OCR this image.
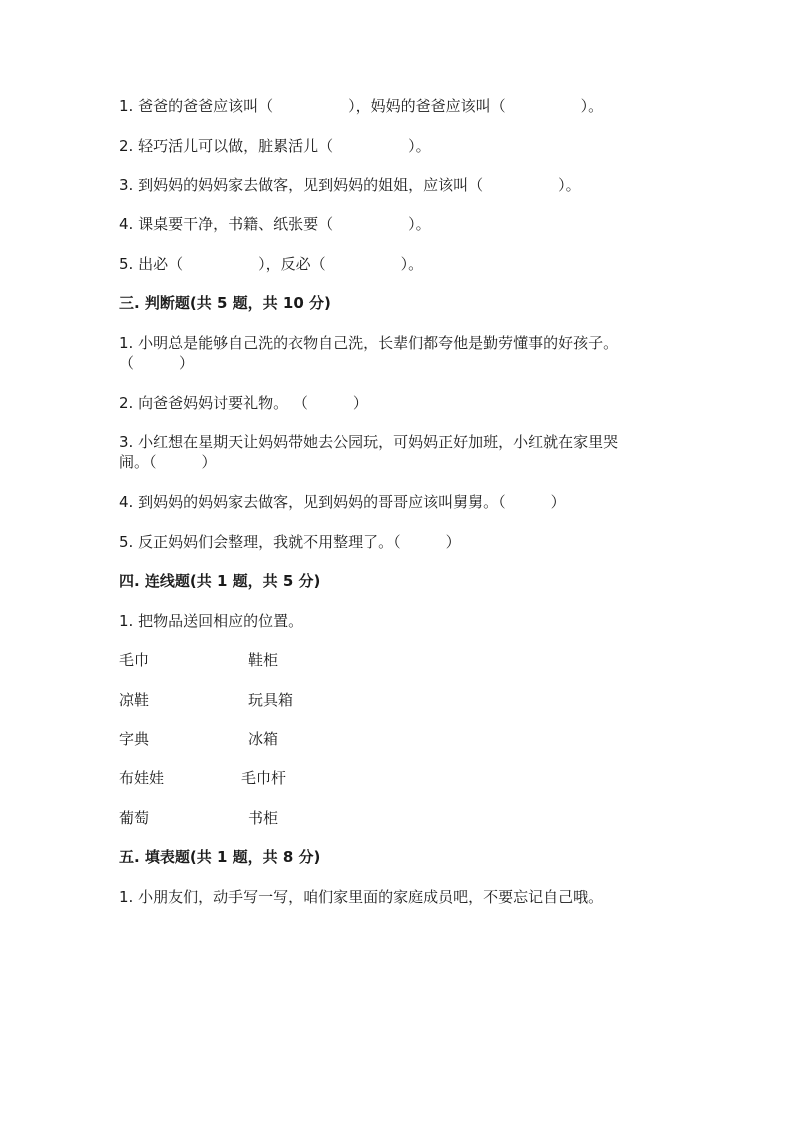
1. 爸爸的爸爸应该叫（　　　　　），妈妈的爸爸应该叫（　　　　　）。
2. 轻巧活儿可以做，脏累活儿（　　　　　）。
3. 到妈妈的妈妈家去做客，见到妈妈的姐姐，应该叫（　　　　　）。
4. 课桌要干净，书籍、纸张要（　　　　　）。
5. 出必（　　　　　），反必（　　　　　）。
三. 判断题(共 5 题，共 10 分)
1. 小明总是能够自己洗的衣物自己洗，长辈们都夸他是勤劳懂事的好孩子。
（　　　）
2. 向爸爸妈妈讨要礼物。 （　　　）
3. 小红想在星期天让妈妈带她去公园玩，可妈妈正好加班，小红就在家里哭
闹。（　　　）
4. 到妈妈的妈妈家去做客，见到妈妈的哥哥应该叫舅舅。（　　　）
5. 反正妈妈们会整理，我就不用整理了。（　　　）
四. 连线题(共 1 题，共 5 分)
1. 把物品送回相应的位置。
毛巾	鞋柜
凉鞋	玩具箱
字典	冰箱
布娃娃	毛巾杆
葡萄	书柜
五. 填表题(共 1 题，共 8 分)
1. 小朋友们，动手写一写，咱们家里面的家庭成员吧，不要忘记自己哦。
